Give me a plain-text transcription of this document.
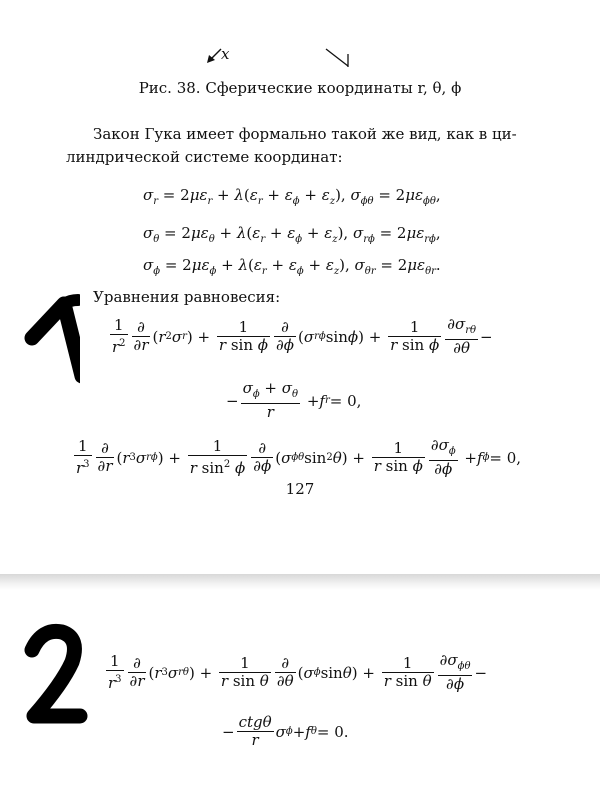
x
Рис. 38. Сферические координаты r, θ, ϕ
Закон Гука имеет формально такой же вид, как в ци-
линдрической системе координат:
$\sigma_r = 2\mu\varepsilon_r + \lambda(\varepsilon_r + \varepsilon_\phi + \varepsilon_z)$, $\sigma_{\phi\theta} = 2\mu\varepsilon_{\phi\theta}$,
$\sigma_\theta = 2\mu\varepsilon_\theta + \lambda(\varepsilon_r + \varepsilon_\phi + \varepsilon_z)$, $\sigma_{r\phi} = 2\mu\varepsilon_{r\phi}$,
$\sigma_\phi = 2\mu\varepsilon_\phi + \lambda(\varepsilon_r + \varepsilon_\phi + \varepsilon_z)$, $\sigma_{\theta r} = 2\mu\varepsilon_{\theta r}$.
Уравнения равновесия:
$\frac{1}{r^2}$ ∂
∂r ( r 2 σ r ) +
1
r sin ϕ
∂
∂ϕ ( σ rϕ sin ϕ ) +
1
r sin ϕ
$\partial\sigma_{r\theta}$
∂θ
−
−
$\sigma_\phi + \sigma_\theta$
r
+ f r = 0,
1
$r^3$
∂
∂r ( r 3 σ rϕ ) +
1
r $\sin^2 \phi$
∂
∂ϕ ( σ ϕθ sin 2 θ ) +
1
r sin ϕ
$\partial\sigma_\phi$
∂ϕ
+ f ϕ = 0,
127
$\frac{1}{r^3}$ ∂
∂r ( r 3 σ rθ ) +
1
r sin θ
∂
∂θ ( σ ϕ sin θ ) +
1
r sin θ
$\partial\sigma_{\phi\theta}$
∂ϕ
−
−
ctgθ
r	σ ϕ + f θ = 0.
